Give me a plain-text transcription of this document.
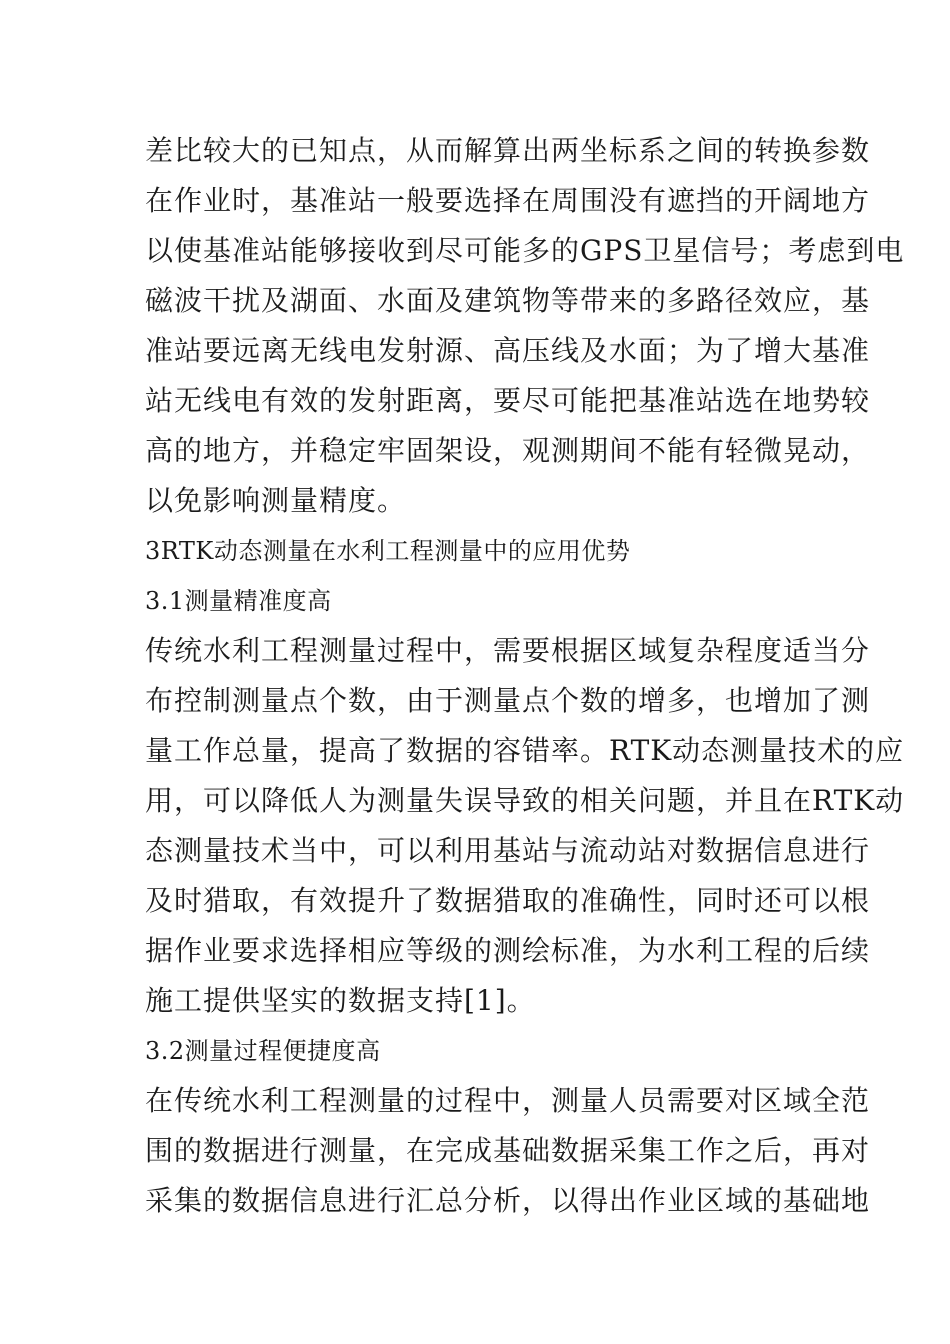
差比较大的已知点，从而解算出两坐标系之间的转换参数
在作业时，基准站一般要选择在周围没有遮挡的开阔地方
以使基准站能够接收到尽可能多的GPS卫星信号；考虑到电
磁波干扰及湖面、水面及建筑物等带来的多路径效应，基
准站要远离无线电发射源、高压线及水面；为了增大基准
站无线电有效的发射距离，要尽可能把基准站选在地势较
高的地方，并稳定牢固架设，观测期间不能有轻微晃动，
以免影响测量精度。
3RTK动态测量在水利工程测量中的应用优势
3.1测量精准度高
传统水利工程测量过程中，需要根据区域复杂程度适当分
布控制测量点个数，由于测量点个数的增多，也增加了测
量工作总量，提高了数据的容错率。RTK动态测量技术的应
用，可以降低人为测量失误导致的相关问题，并且在RTK动
态测量技术当中，可以利用基站与流动站对数据信息进行
及时猎取，有效提升了数据猎取的准确性，同时还可以根
据作业要求选择相应等级的测绘标准，为水利工程的后续
施工提供坚实的数据支持[1]。
3.2测量过程便捷度高
在传统水利工程测量的过程中，测量人员需要对区域全范
围的数据进行测量，在完成基础数据采集工作之后，再对
采集的数据信息进行汇总分析，以得出作业区域的基础地
